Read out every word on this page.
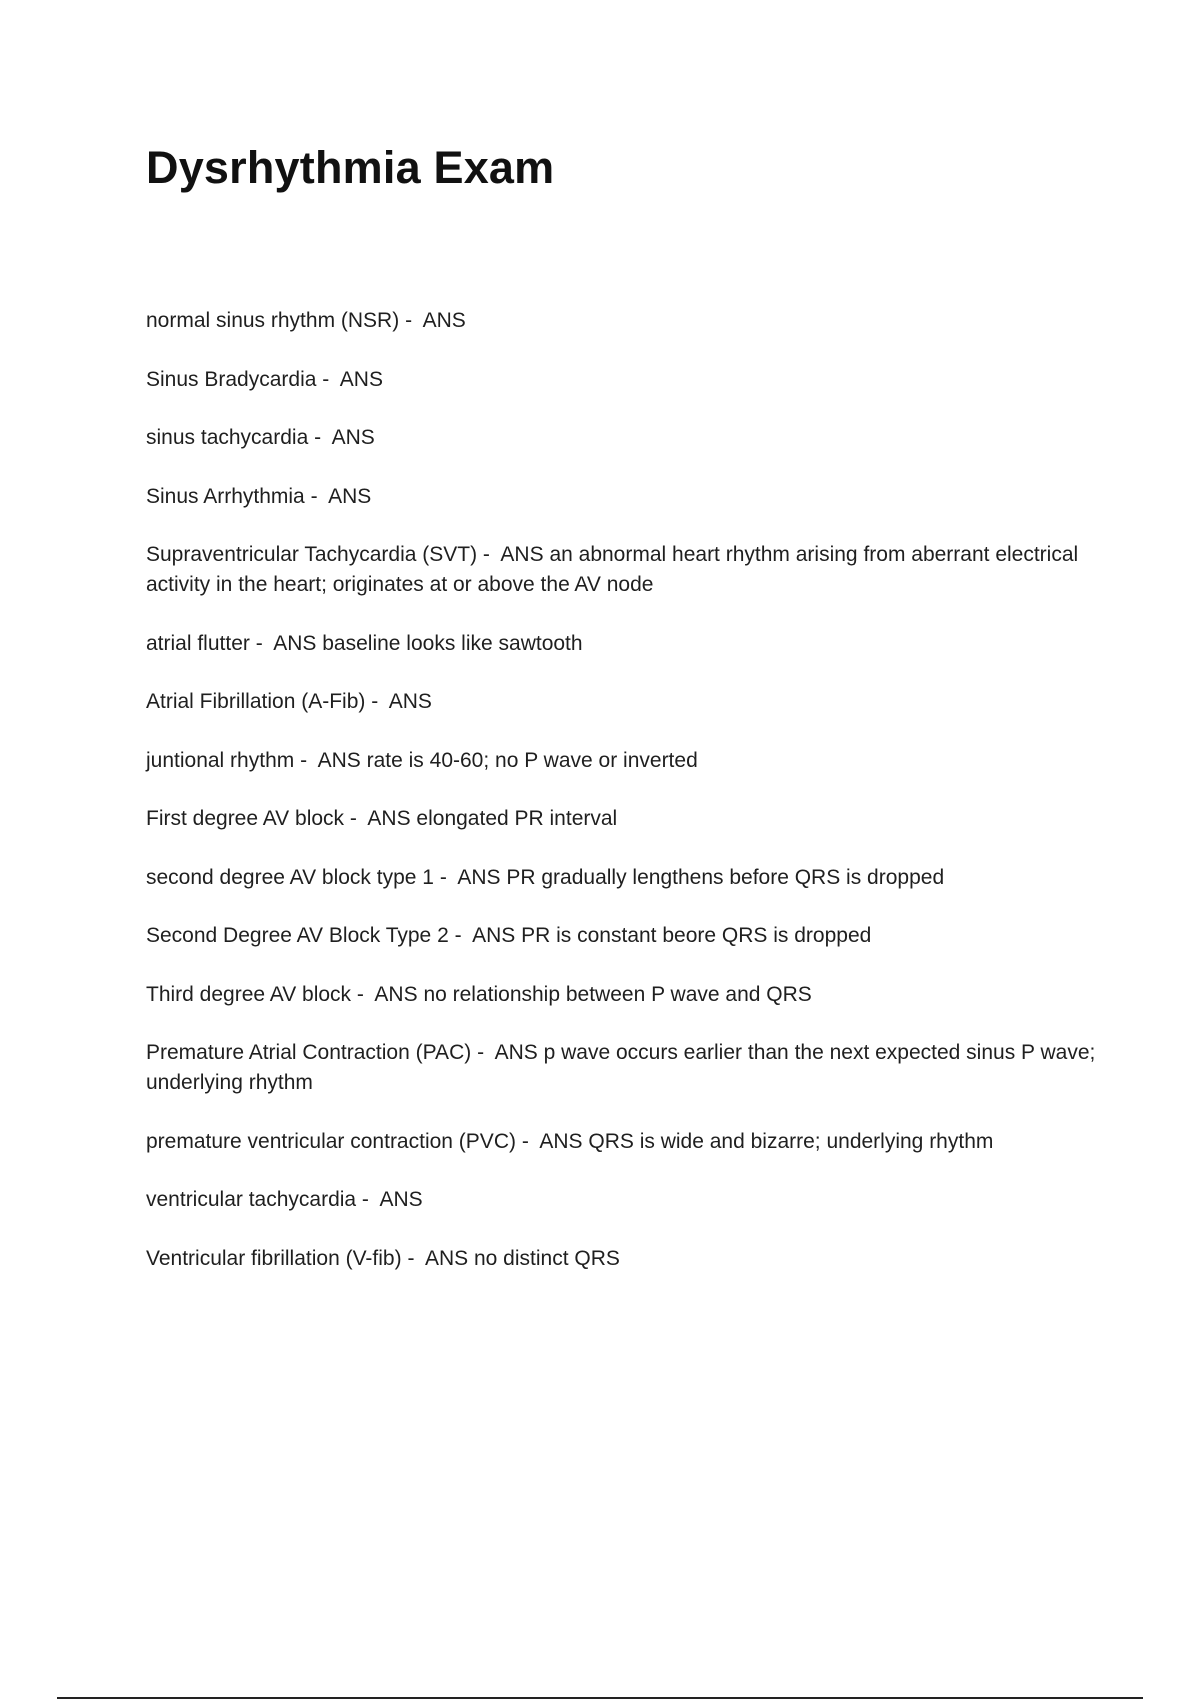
Dysrhythmia Exam
normal sinus rhythm (NSR) -  ANS
Sinus Bradycardia -  ANS
sinus tachycardia -  ANS
Sinus Arrhythmia -  ANS
Supraventricular Tachycardia (SVT) -  ANS an abnormal heart rhythm arising from aberrant electrical activity in the heart; originates at or above the AV node
atrial flutter -  ANS baseline looks like sawtooth
Atrial Fibrillation (A-Fib) -  ANS
juntional rhythm -  ANS rate is 40-60; no P wave or inverted
First degree AV block -  ANS elongated PR interval
second degree AV block type 1 -  ANS PR gradually lengthens before QRS is dropped
Second Degree AV Block Type 2 -  ANS PR is constant beore QRS is dropped
Third degree AV block -  ANS no relationship between P wave and QRS
Premature Atrial Contraction (PAC) -  ANS p wave occurs earlier than the next expected sinus P wave; underlying rhythm
premature ventricular contraction (PVC) -  ANS QRS is wide and bizarre; underlying rhythm
ventricular tachycardia -  ANS
Ventricular fibrillation (V-fib) -  ANS no distinct QRS
